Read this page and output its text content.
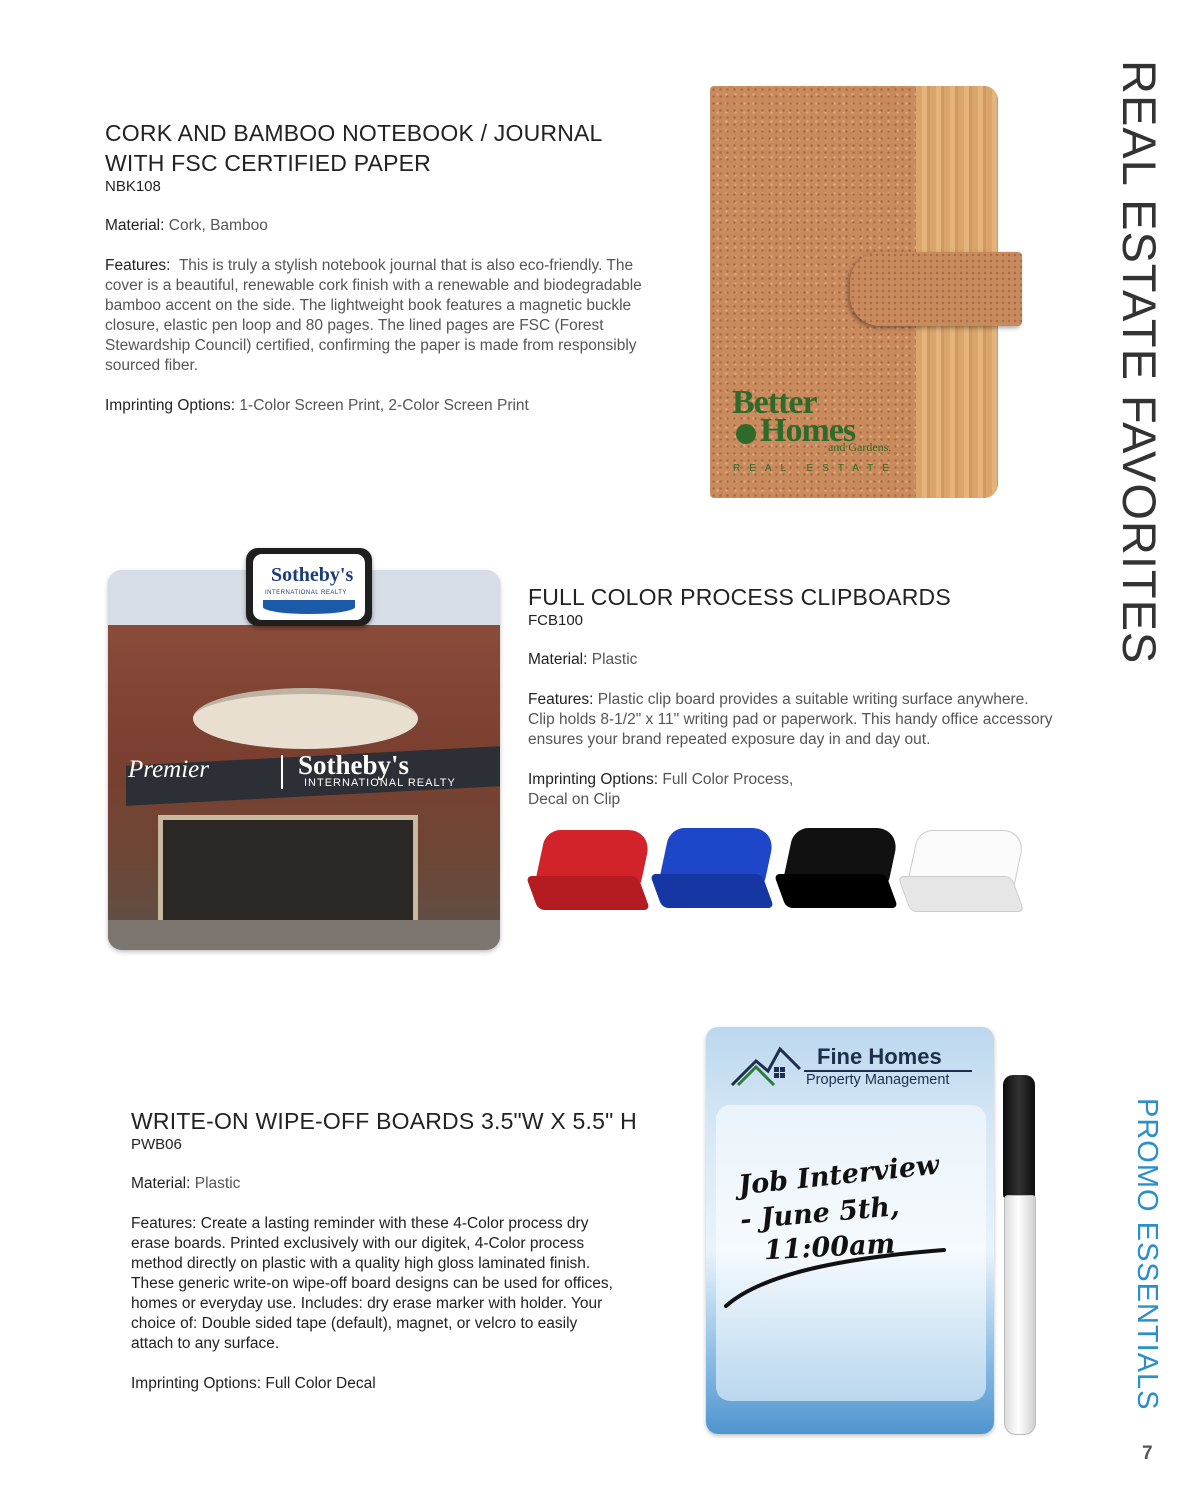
REAL ESTATE FAVORITES
PROMO ESSENTIALS
7
CORK AND BAMBOO NOTEBOOK / JOURNAL
WITH FSC CERTIFIED PAPER
NBK108
Material: Cork, Bamboo
Features: This is truly a stylish notebook journal that is also eco-friendly. The
cover is a beautiful, renewable cork finish with a renewable and biodegradable
bamboo accent on the side. The lightweight book features a magnetic buckle
closure, elastic pen loop and 80 pages. The lined pages are FSC (Forest
Stewardship Council) certified, confirming the paper is made from responsibly
sourced fiber.
Imprinting Options: 1-Color Screen Print, 2-Color Screen Print	Better
Homes
and Gardens.
REAL ESTATE
Premier	Sotheby's
INTERNATIONAL REALTY
Sotheby's
INTERNATIONAL REALTY	FULL COLOR PROCESS CLIPBOARDS
FCB100
Material: Plastic
Features: Plastic clip board provides a suitable writing surface anywhere.
Clip holds 8-1/2" x 11" writing pad or paperwork. This handy office accessory
ensures your brand repeated exposure day in and day out.
Imprinting Options: Full Color Process,
Decal on Clip
WRITE-ON WIPE-OFF BOARDS 3.5"W X 5.5" H
PWB06
Material: Plastic
Features: Create a lasting reminder with these 4-Color process dry
erase boards. Printed exclusively with our digitek, 4-Color process
method directly on plastic with a quality high gloss laminated finish.
These generic write-on wipe-off board designs can be used for offices,
homes or everyday use. Includes: dry erase marker with holder. Your
choice of: Double sided tape (default), magnet, or velcro to easily
attach to any surface.
Imprinting Options: Full Color Decal
Fine Homes
Property Management
Job Interview
- June 5th,
11:00am
